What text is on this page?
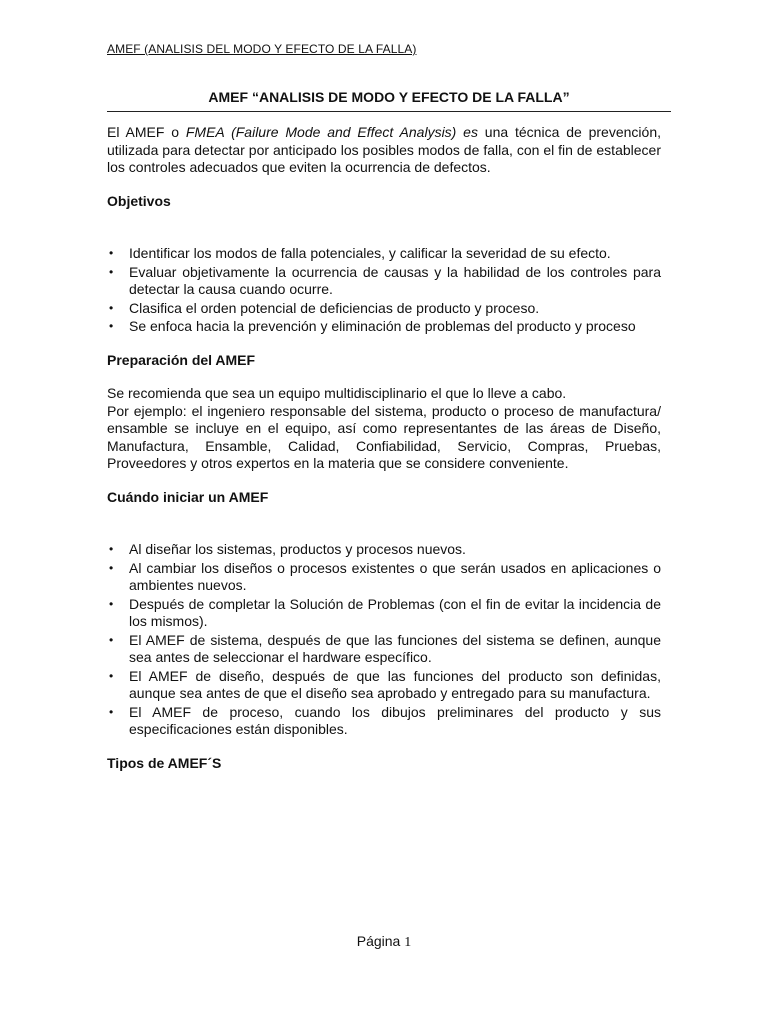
AMEF (ANALISIS DEL MODO Y EFECTO DE LA FALLA)
AMEF “ANALISIS DE MODO Y EFECTO DE LA FALLA”

El AMEF o FMEA (Failure Mode and Effect Analysis) es una técnica de prevención, utilizada para detectar por anticipado los posibles modos de falla, con el fin de establecer los controles adecuados que eviten la ocurrencia de defectos.

Objetivos
• Identificar los modos de falla potenciales, y calificar la severidad de su efecto.
• Evaluar objetivamente la ocurrencia de causas y la habilidad de los controles para detectar la causa cuando ocurre.
• Clasifica el orden potencial de deficiencias de producto y proceso.
• Se enfoca hacia la prevención y eliminación de problemas del producto y proceso
Preparación del AMEF

Se recomienda que sea un equipo multidisciplinario el que lo lleve a cabo.

Por ejemplo: el ingeniero responsable del sistema, producto o proceso de manufactura/ ensamble se incluye en el equipo, así como representantes de las áreas de Diseño, Manufactura, Ensamble, Calidad, Confiabilidad, Servicio, Compras, Pruebas, Proveedores y otros expertos en la materia que se considere conveniente.

Cuándo iniciar un AMEF
• Al diseñar los sistemas, productos y procesos nuevos.
• Al cambiar los diseños o procesos existentes o que serán usados en aplicaciones o ambientes nuevos.
• Después de completar la Solución de Problemas (con el fin de evitar la incidencia de los mismos).
• El AMEF de sistema, después de que las funciones del sistema se definen, aunque sea antes de seleccionar el hardware específico.
• El AMEF de diseño, después de que las funciones del producto son definidas, aunque sea antes de que el diseño sea aprobado y entregado para su manufactura.
• El AMEF de proceso, cuando los dibujos preliminares del producto y sus especificaciones están disponibles.
Tipos de AMEF´S
Página 1
